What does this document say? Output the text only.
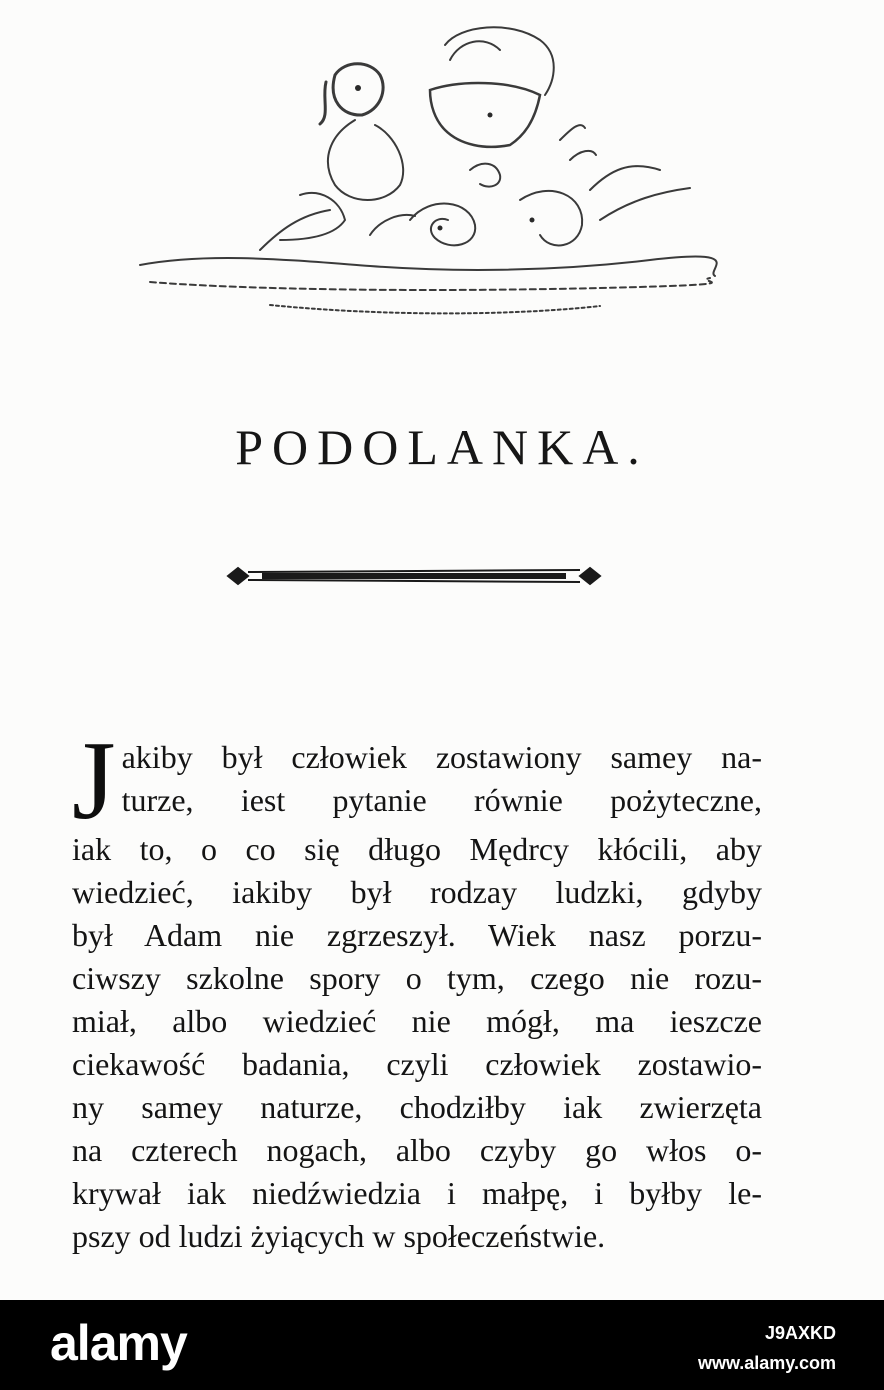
PODOLANKA.
J akiby był człowiek zostawiony samey na-
turze, iest pytanie równie pożyteczne,
iak to, o co się długo Mędrcy kłócili, aby
wiedzieć, iakiby był rodzay ludzki, gdyby
był Adam nie zgrzeszył. Wiek nasz porzu-
ciwszy szkolne spory o tym, czego nie rozu-
miał, albo wiedzieć nie mógł, ma ieszcze
ciekawość badania, czyli człowiek zostawio-
ny samey naturze, chodziłby iak zwierzęta
na czterech nogach, albo czyby go włos o-
krywał iak niedźwiedzia i małpę, i byłby le-
pszy od ludzi żyiących w społeczeństwie.
alamy	J9AXKD
www.alamy.com
